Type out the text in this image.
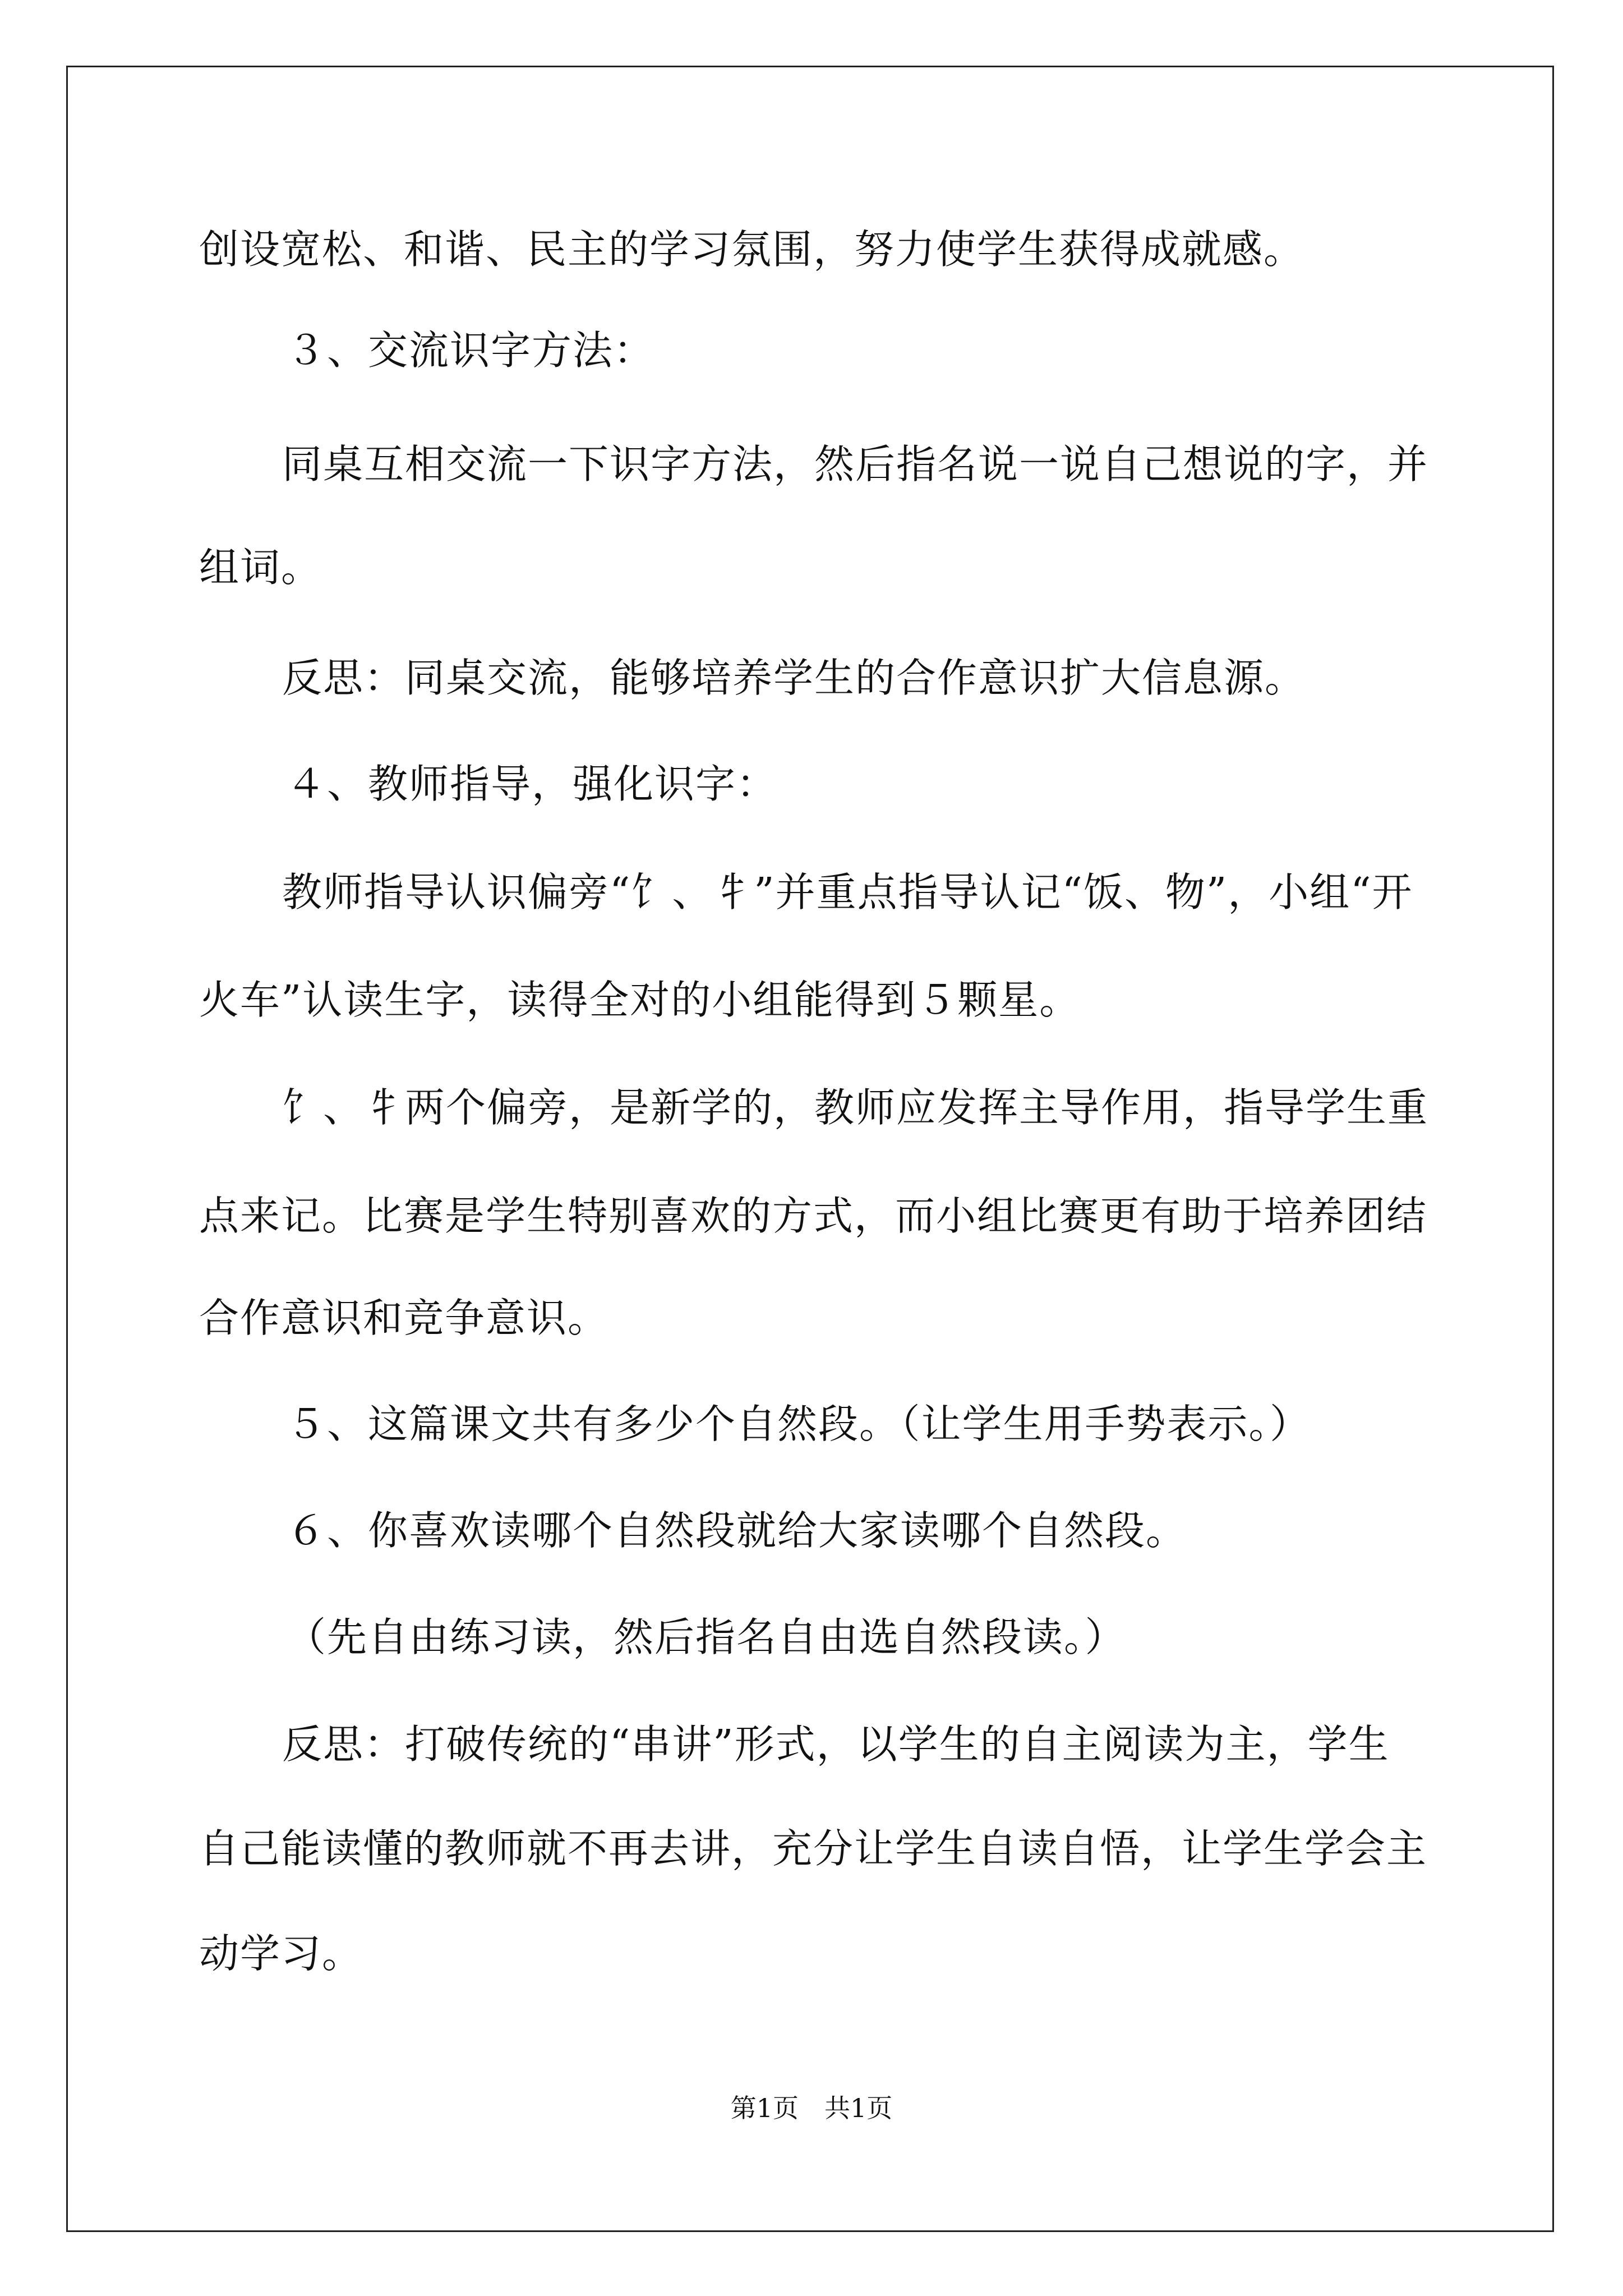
创设宽松、和谐、民主的学习氛围，努力使学生获得成就感。
３、交流识字方法：
同桌互相交流一下识字方法，然后指名说一说自己想说的字，并
组词。
反思：同桌交流，能够培养学生的合作意识扩大信息源。
４、教师指导，强化识字：
教师指导认识偏旁“饣、牜”并重点指导认记“饭、物”，小组“开
火车”认读生字，读得全对的小组能得到５颗星。
饣、牜两个偏旁，是新学的，教师应发挥主导作用，指导学生重
点来记。比赛是学生特别喜欢的方式，而小组比赛更有助于培养团结
合作意识和竞争意识。
５、这篇课文共有多少个自然段。（让学生用手势表示。）
６、你喜欢读哪个自然段就给大家读哪个自然段。
（先自由练习读，然后指名自由选自然段读。）
反思：打破传统的“串讲”形式，以学生的自主阅读为主，学生
自己能读懂的教师就不再去讲，充分让学生自读自悟，让学生学会主
动学习。
第1页　共1页
